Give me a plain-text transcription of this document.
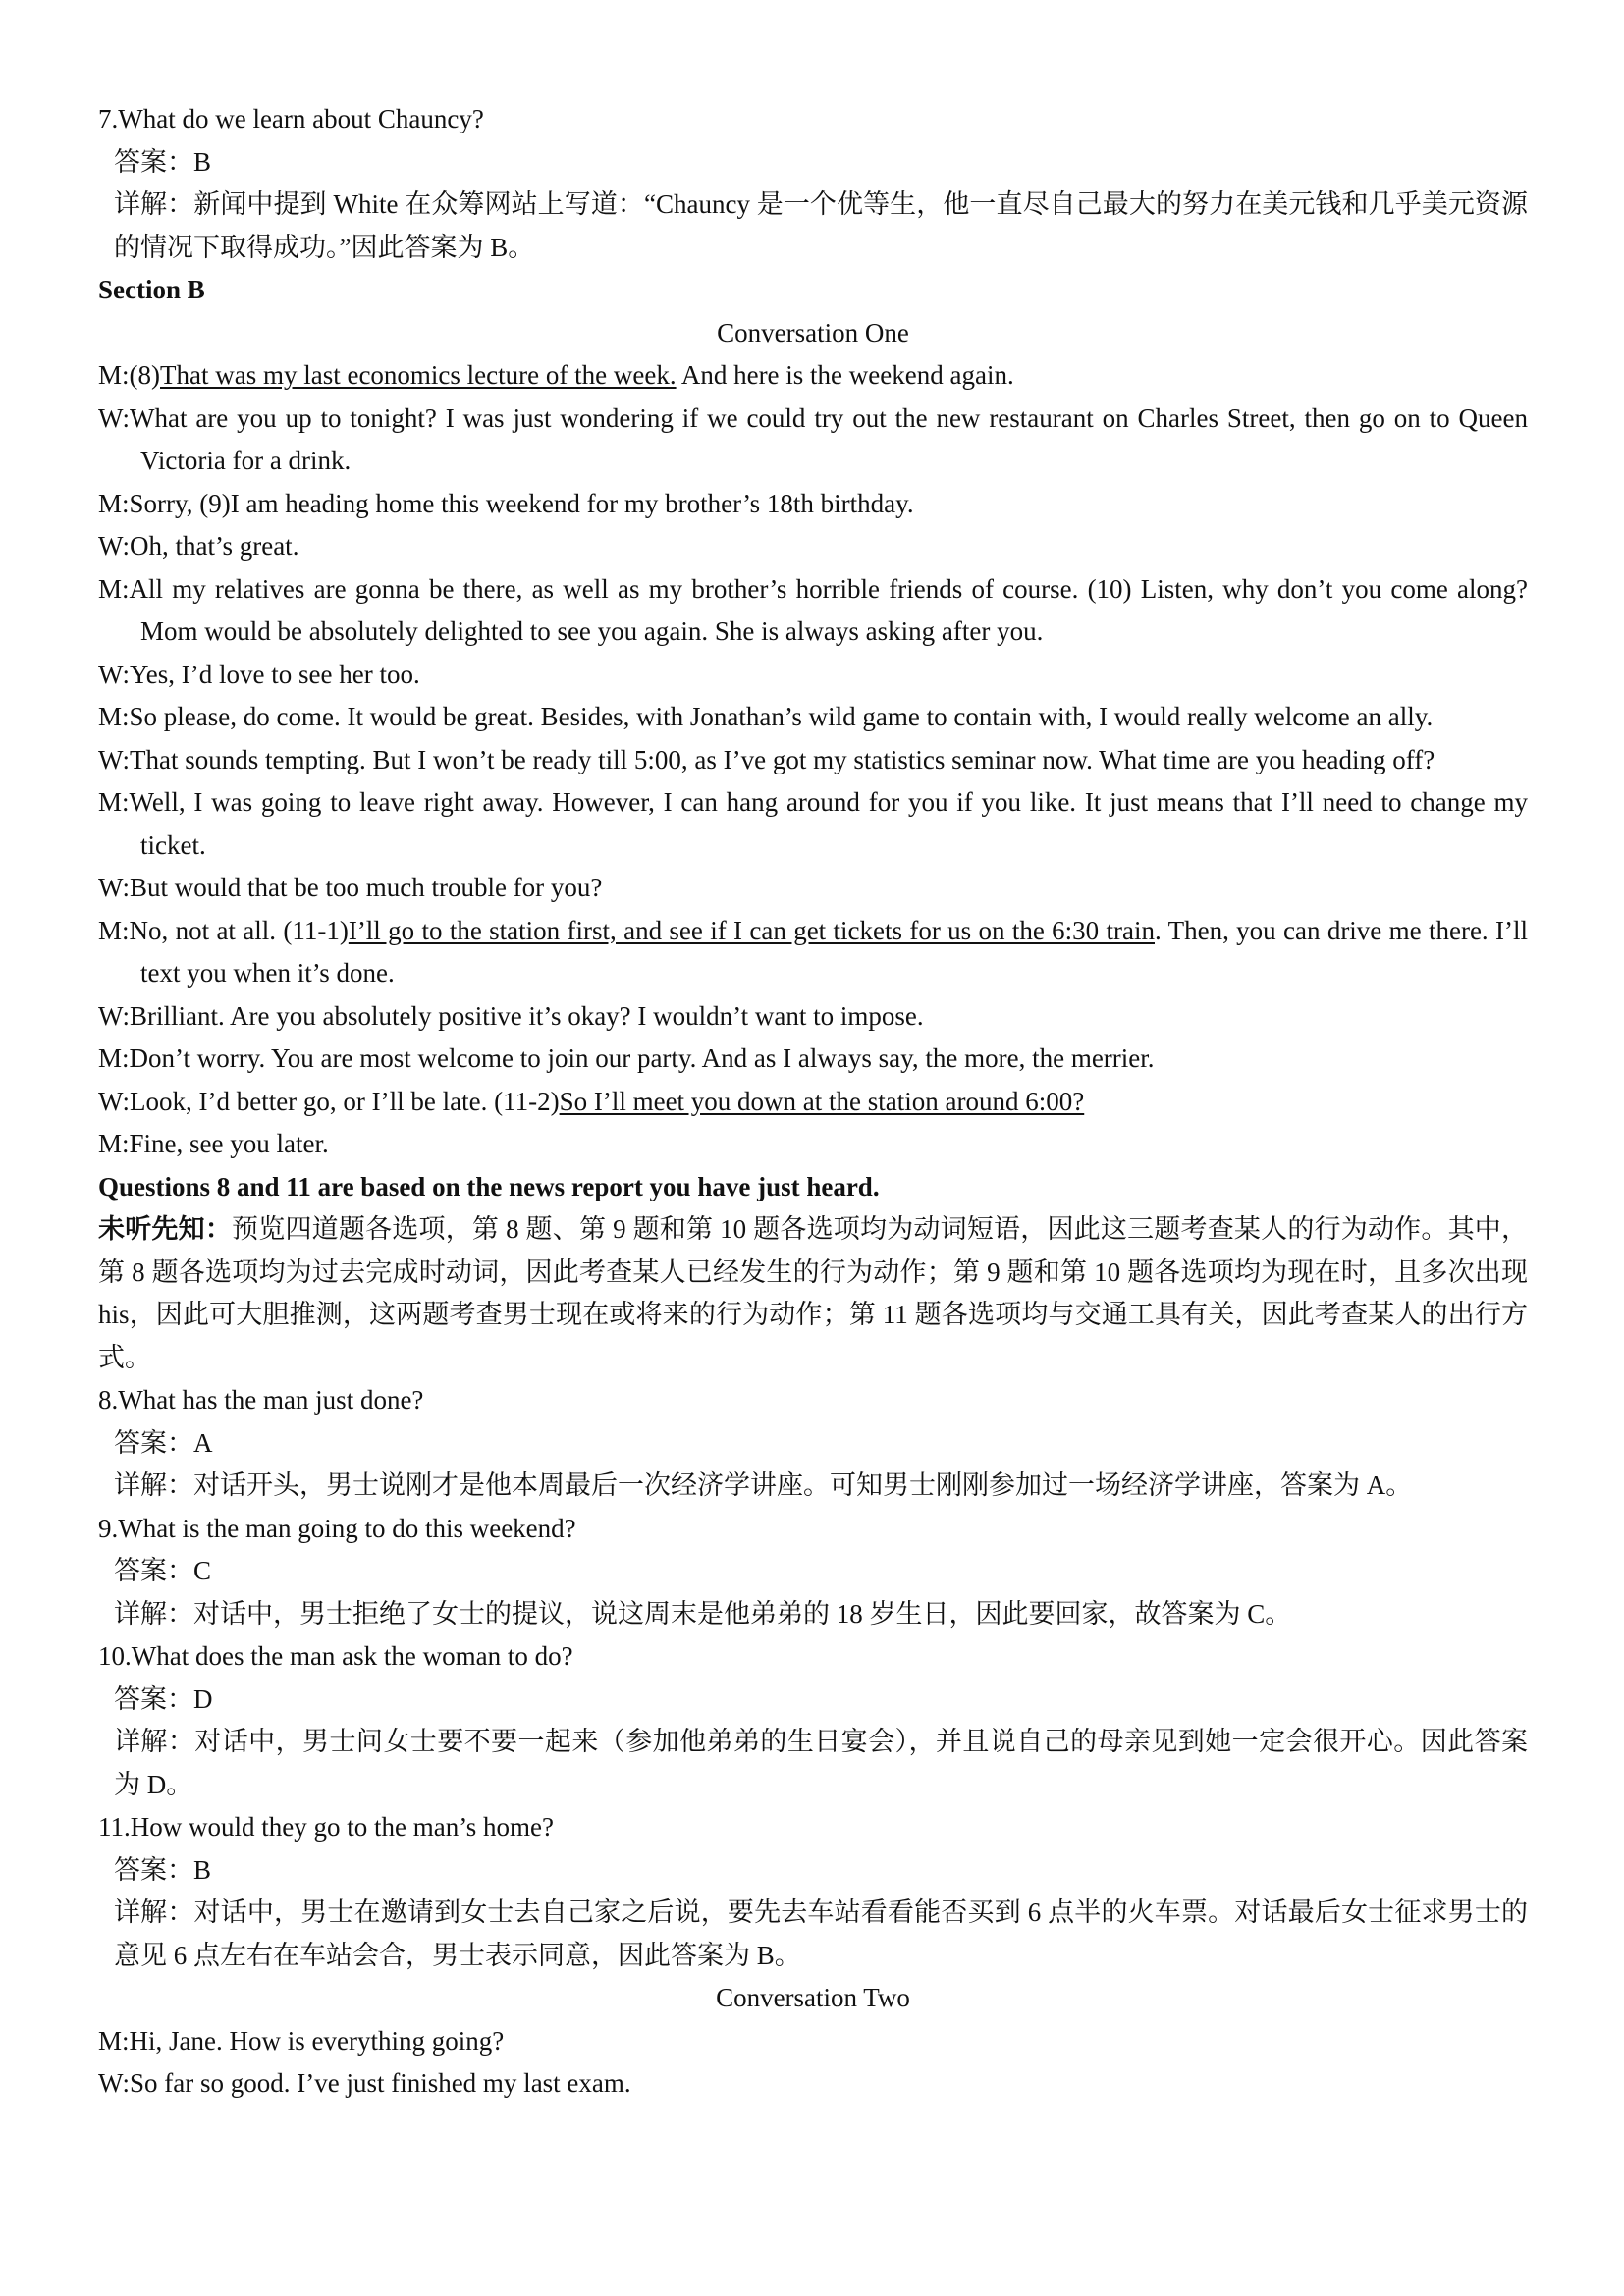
7.What do we learn about Chauncy?

答案：B

详解：新闻中提到 White 在众筹网站上写道：“Chauncy 是一个优等生，他一直尽自己最大的努力在美元钱和几乎美元资源的情况下取得成功。”因此答案为 B。

Section B

Conversation One

M:(8)That was my last economics lecture of the week. And here is the weekend again.

W:What are you up to tonight? I was just wondering if we could try out the new restaurant on Charles Street, then go on to Queen Victoria for a drink.

M:Sorry, (9)I am heading home this weekend for my brother’s 18th birthday.

W:Oh, that’s great.

M:All my relatives are gonna be there, as well as my brother’s horrible friends of course. (10) Listen, why don’t you come along? Mom would be absolutely delighted to see you again. She is always asking after you.

W:Yes, I’d love to see her too.

M:So please, do come. It would be great. Besides, with Jonathan’s wild game to contain with, I would really welcome an ally.

W:That sounds tempting. But I won’t be ready till 5:00, as I’ve got my statistics seminar now. What time are you heading off?

M:Well, I was going to leave right away. However, I can hang around for you if you like. It just means that I’ll need to change my ticket.

W:But would that be too much trouble for you?

M:No, not at all. (11-1)I’ll go to the station first, and see if I can get tickets for us on the 6:30 train. Then, you can drive me there. I’ll text you when it’s done.

W:Brilliant. Are you absolutely positive it’s okay? I wouldn’t want to impose.

M:Don’t worry. You are most welcome to join our party. And as I always say, the more, the merrier.

W:Look, I’d better go, or I’ll be late. (11-2)So I’ll meet you down at the station around 6:00?

M:Fine, see you later.

Questions 8 and 11 are based on the news report you have just heard.

未听先知：预览四道题各选项，第 8 题、第 9 题和第 10 题各选项均为动词短语，因此这三题考查某人的行为动作。其中，第 8 题各选项均为过去完成时动词，因此考查某人已经发生的行为动作；第 9 题和第 10 题各选项均为现在时，且多次出现 his，因此可大胆推测，这两题考查男士现在或将来的行为动作；第 11 题各选项均与交通工具有关，因此考查某人的出行方式。

8.What has the man just done?

答案：A

详解：对话开头，男士说刚才是他本周最后一次经济学讲座。可知男士刚刚参加过一场经济学讲座，答案为 A。

9.What is the man going to do this weekend?

答案：C

详解：对话中，男士拒绝了女士的提议，说这周末是他弟弟的 18 岁生日，因此要回家，故答案为 C。

10.What does the man ask the woman to do?

答案：D

详解：对话中，男士问女士要不要一起来（参加他弟弟的生日宴会），并且说自己的母亲见到她一定会很开心。因此答案为 D。

11.How would they go to the man’s home?

答案：B

详解：对话中，男士在邀请到女士去自己家之后说，要先去车站看看能否买到 6 点半的火车票。对话最后女士征求男士的意见 6 点左右在车站会合，男士表示同意，因此答案为 B。

Conversation Two

M:Hi, Jane. How is everything going?

W:So far so good. I’ve just finished my last exam.
